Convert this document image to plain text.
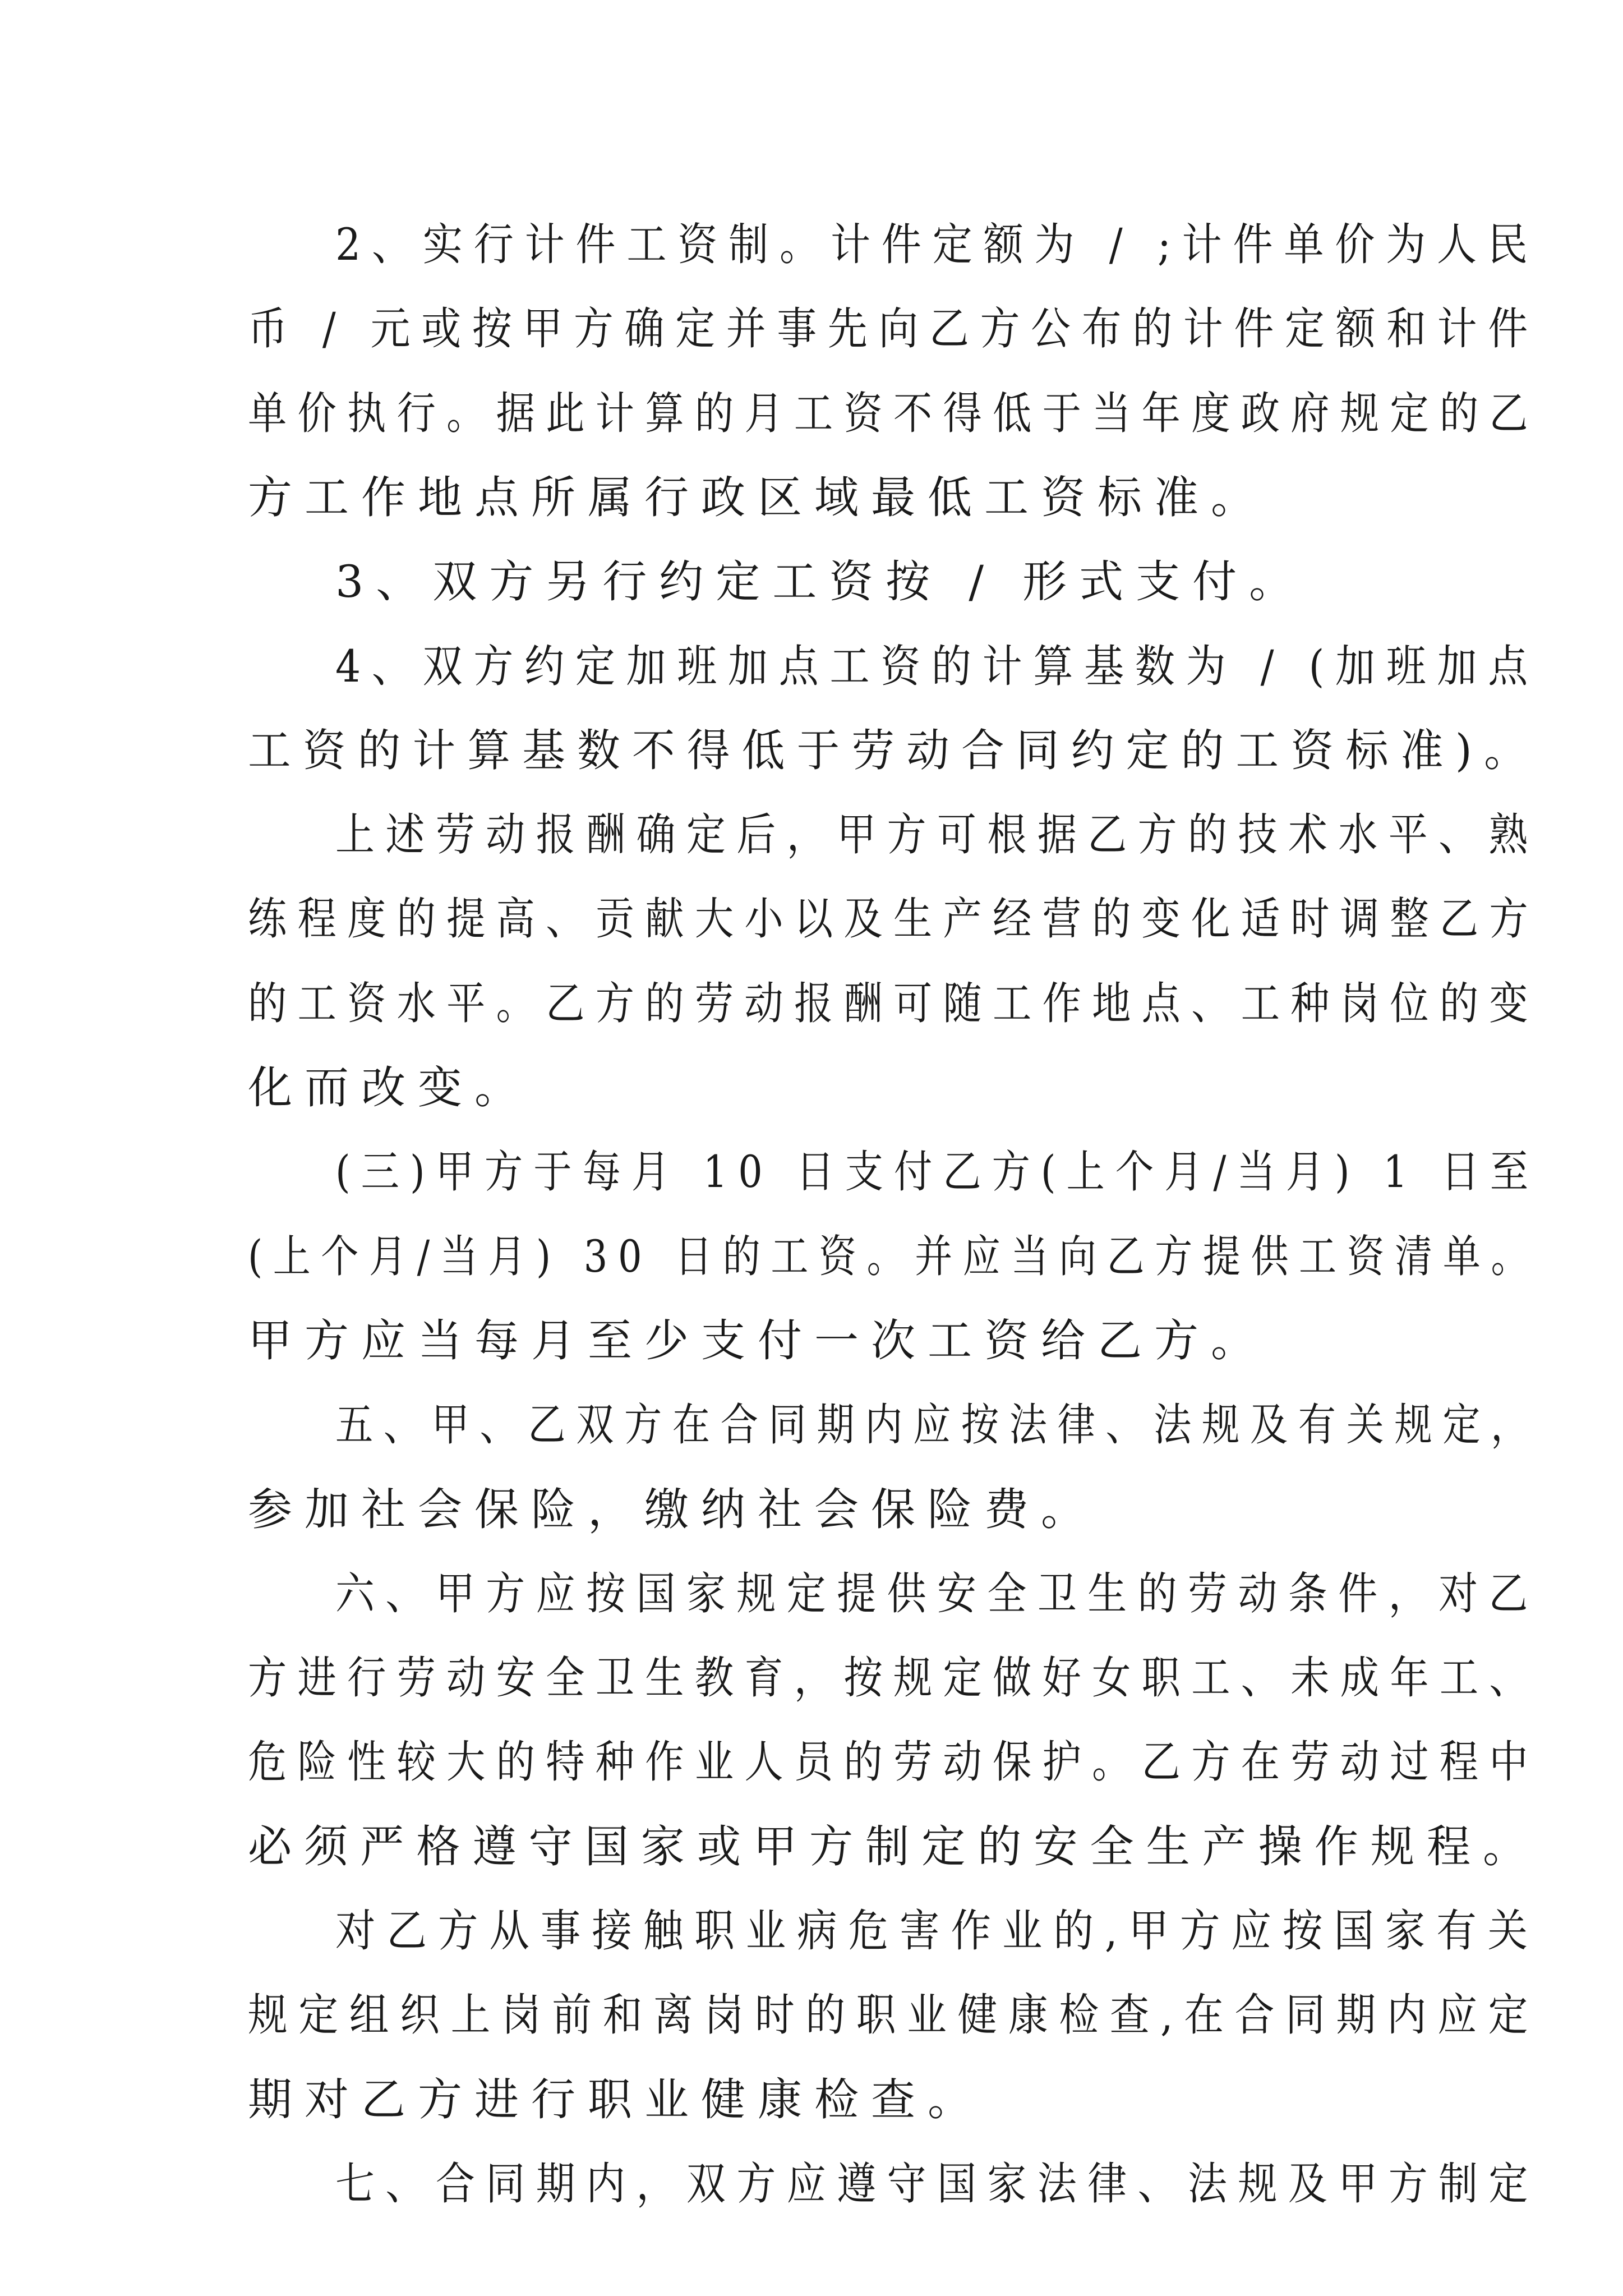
2、实行计件工资制。计件定额为 / ;计件单价为人民
币 / 元或按甲方确定并事先向乙方公布的计件定额和计件
单价执行。据此计算的月工资不得低于当年度政府规定的乙
方工作地点所属行政区域最低工资标准。
3、双方另行约定工资按 / 形式支付。
4、双方约定加班加点工资的计算基数为 / (加班加点
工资的计算基数不得低于劳动合同约定的工资标准)。
上述劳动报酬确定后，甲方可根据乙方的技术水平、熟
练程度的提高、贡献大小以及生产经营的变化适时调整乙方
的工资水平。乙方的劳动报酬可随工作地点、工种岗位的变
化而改变。
(三)甲方于每月 10 日支付乙方(上个月/当月) 1 日至
(上个月/当月) 30 日的工资。并应当向乙方提供工资清单。
甲方应当每月至少支付一次工资给乙方。
五、甲、乙双方在合同期内应按法律、法规及有关规定，
参加社会保险，缴纳社会保险费。
六、甲方应按国家规定提供安全卫生的劳动条件，对乙
方进行劳动安全卫生教育，按规定做好女职工、未成年工、
危险性较大的特种作业人员的劳动保护。乙方在劳动过程中
必须严格遵守国家或甲方制定的安全生产操作规程。
对乙方从事接触职业病危害作业的,甲方应按国家有关
规定组织上岗前和离岗时的职业健康检查,在合同期内应定
期对乙方进行职业健康检查。
七、合同期内，双方应遵守国家法律、法规及甲方制定
